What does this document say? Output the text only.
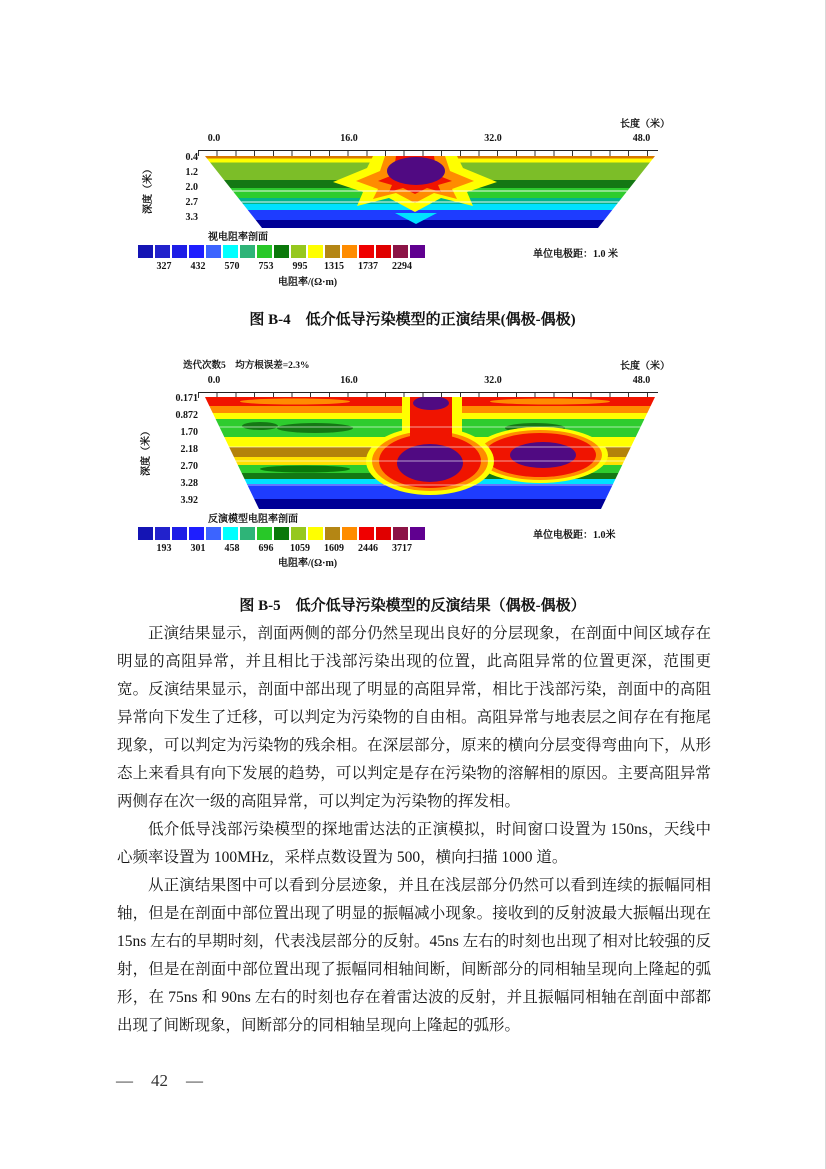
长度（米）
0.0	16.0	32.0	48.0
0.4
1.2
2.0
2.7
3.3
深度（米）
视电阻率剖面
327	432	570	753	995	1315	1737	2294
电阻率/(Ω·m)
单位电极距：1.0 米
图 B-4　低介低导污染模型的正演结果(偶极-偶极)
迭代次数5　均方根误差=2.3%	长度（米）
0.0	16.0	32.0	48.0
0.171
0.872
1.70
2.18
2.70
3.28
3.92
深度（米）
反演模型电阻率剖面
193	301	458	696	1059	1609	2446	3717
电阻率/(Ω·m)
单位电极距：1.0米
图 B-5　低介低导污染模型的反演结果（偶极-偶极）

正演结果显示，剖面两侧的部分仍然呈现出良好的分层现象，在剖面中间区域存在明显的高阻异常，并且相比于浅部污染出现的位置，此高阻异常的位置更深，范围更宽。反演结果显示，剖面中部出现了明显的高阻异常，相比于浅部污染，剖面中的高阻异常向下发生了迁移，可以判定为污染物的自由相。高阻异常与地表层之间存在有拖尾现象，可以判定为污染物的残余相。在深层部分，原来的横向分层变得弯曲向下，从形态上来看具有向下发展的趋势，可以判定是存在污染物的溶解相的原因。主要高阻异常两侧存在次一级的高阻异常，可以判定为污染物的挥发相。

低介低导浅部污染模型的探地雷达法的正演模拟，时间窗口设置为 150ns，天线中心频率设置为 100MHz，采样点数设置为 500，横向扫描 1000 道。

从正演结果图中可以看到分层迹象，并且在浅层部分仍然可以看到连续的振幅同相轴，但是在剖面中部位置出现了明显的振幅减小现象。接收到的反射波最大振幅出现在 15ns 左右的早期时刻，代表浅层部分的反射。45ns 左右的时刻也出现了相对比较强的反射，但是在剖面中部位置出现了振幅同相轴间断，间断部分的同相轴呈现向上隆起的弧形，在 75ns 和 90ns 左右的时刻也存在着雷达波的反射，并且振幅同相轴在剖面中部都出现了间断现象，间断部分的同相轴呈现向上隆起的弧形。

— 42 —
